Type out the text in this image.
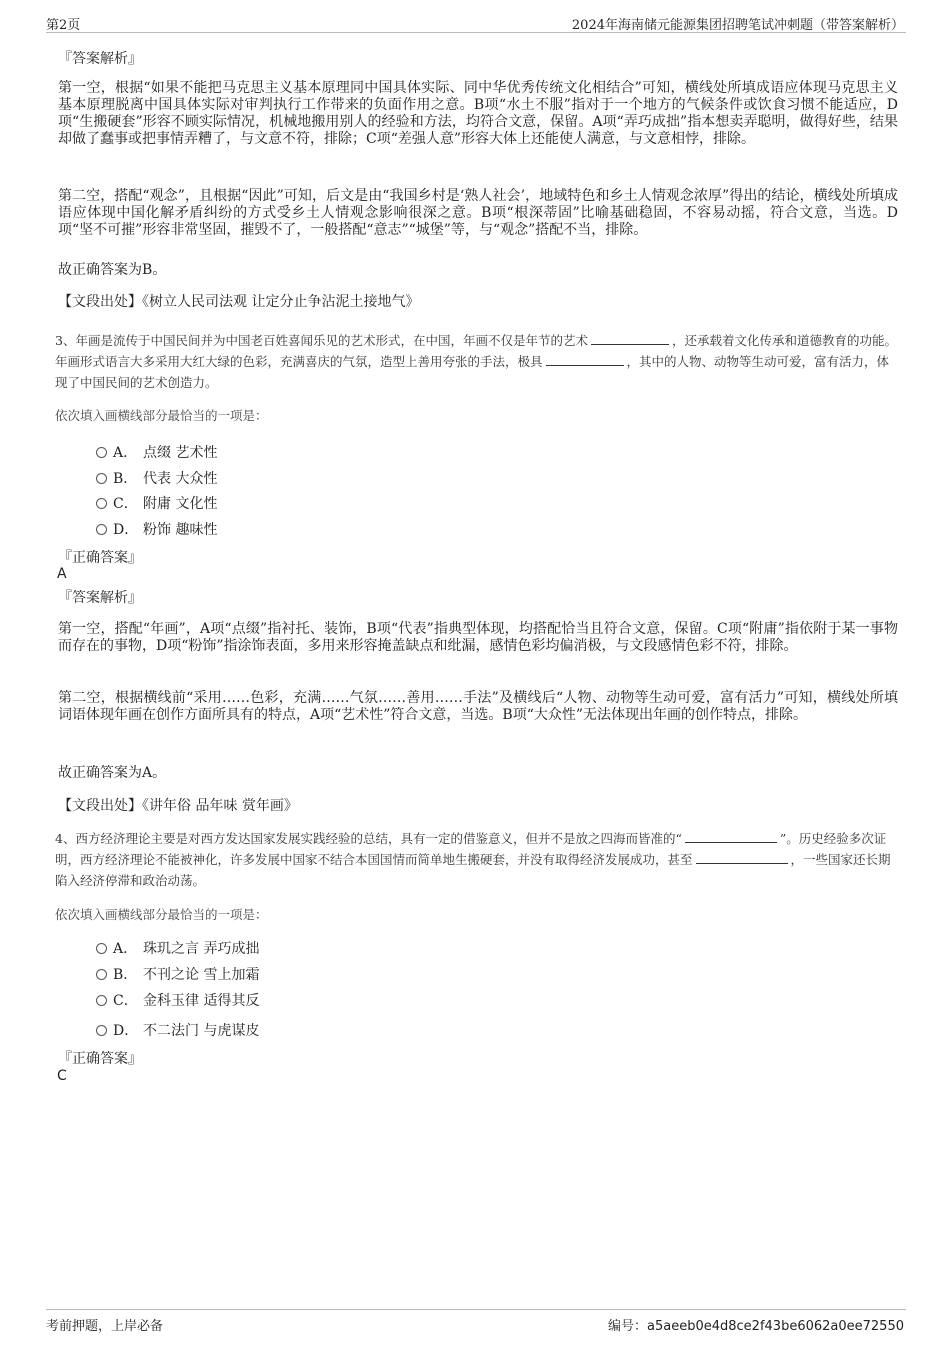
第2页	2024年海南储元能源集团招聘笔试冲刺题（带答案解析）
『答案解析』
第一空，根据“如果不能把马克思主义基本原理同中国具体实际、同中华优秀传统文化相结合”可知，横线处所填成语应体现马克思主义基本原理脱离中国具体实际对审判执行工作带来的负面作用之意。B项“水土不服”指对于一个地方的气候条件或饮食习惯不能适应，D项“生搬硬套”形容不顾实际情况，机械地搬用别人的经验和方法，均符合文意，保留。A项“弄巧成拙”指本想卖弄聪明，做得好些，结果却做了蠢事或把事情弄糟了，与文意不符，排除；C项“差强人意”形容大体上还能使人满意，与文意相悖，排除。
第二空，搭配“观念”，且根据“因此”可知，后文是由“我国乡村是‘熟人社会’，地域特色和乡土人情观念浓厚”得出的结论，横线处所填成语应体现中国化解矛盾纠纷的方式受乡土人情观念影响很深之意。B项“根深蒂固”比喻基础稳固，不容易动摇，符合文意，当选。D项“坚不可摧”形容非常坚固，摧毁不了，一般搭配“意志”“城堡”等，与“观念”搭配不当，排除。
故正确答案为B。
【文段出处】《树立人民司法观 让定分止争沾泥土接地气》
3、年画是流传于中国民间并为中国老百姓喜闻乐见的艺术形式，在中国，年画不仅是年节的艺术	，还承载着文化传承和道德教育的功能。年画形式语言大多采用大红大绿的色彩，充满喜庆的气氛，造型上善用夸张的手法，极具	，其中的人物、动物等生动可爱，富有活力，体现了中国民间的艺术创造力。
依次填入画横线部分最恰当的一项是：
A． 点缀 艺术性
B． 代表 大众性
C． 附庸 文化性
D． 粉饰 趣味性
『正确答案』
A
『答案解析』
第一空，搭配“年画”，A项“点缀”指衬托、装饰，B项“代表”指典型体现，均搭配恰当且符合文意，保留。C项“附庸”指依附于某一事物而存在的事物，D项“粉饰”指涂饰表面，多用来形容掩盖缺点和纰漏，感情色彩均偏消极，与文段感情色彩不符，排除。
第二空，根据横线前“采用……色彩，充满……气氛……善用……手法”及横线后“人物、动物等生动可爱，富有活力”可知，横线处所填词语体现年画在创作方面所具有的特点，A项“艺术性”符合文意，当选。B项“大众性”无法体现出年画的创作特点，排除。
故正确答案为A。
【文段出处】《讲年俗 品年味 赏年画》
4、西方经济理论主要是对西方发达国家发展实践经验的总结，具有一定的借鉴意义，但并不是放之四海而皆准的“	”。历史经验多次证明，西方经济理论不能被神化，许多发展中国家不结合本国国情而简单地生搬硬套，并没有取得经济发展成功，甚至	，一些国家还长期陷入经济停滞和政治动荡。
依次填入画横线部分最恰当的一项是：
A． 珠玑之言 弄巧成拙
B． 不刊之论 雪上加霜
C． 金科玉律 适得其反
D． 不二法门 与虎谋皮
『正确答案』
C
考前押题，上岸必备	编号：a5aeeb0e4d8ce2f43be6062a0ee72550
